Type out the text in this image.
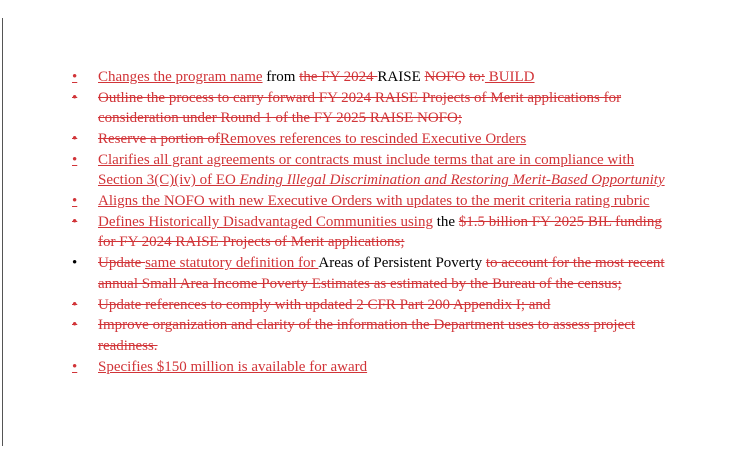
•	Changes the program name from the FY 2024 RAISE NOFO to: BUILD
•	Outline the process to carry forward FY 2024 RAISE Projects of Merit applications for consideration under Round 1 of the FY 2025 RAISE NOFO;
•	Reserve a portion ofRemoves references to rescinded Executive Orders
•	Clarifies all grant agreements or contracts must include terms that are in compliance with Section 3(C)(iv) of EO Ending Illegal Discrimination and Restoring Merit-Based Opportunity
•	Aligns the NOFO with new Executive Orders with updates to the merit criteria rating rubric
•	Defines Historically Disadvantaged Communities using the $1.5 billion FY 2025 BIL funding for FY 2024 RAISE Projects of Merit applications;
•	Update same statutory definition for Areas of Persistent Poverty to account for the most recent annual Small Area Income Poverty Estimates as estimated by the Bureau of the census;
•	Update references to comply with updated 2 CFR Part 200 Appendix I; and
•	Improve organization and clarity of the information the Department uses to assess project readiness.
•	Specifies $150 million is available for award
